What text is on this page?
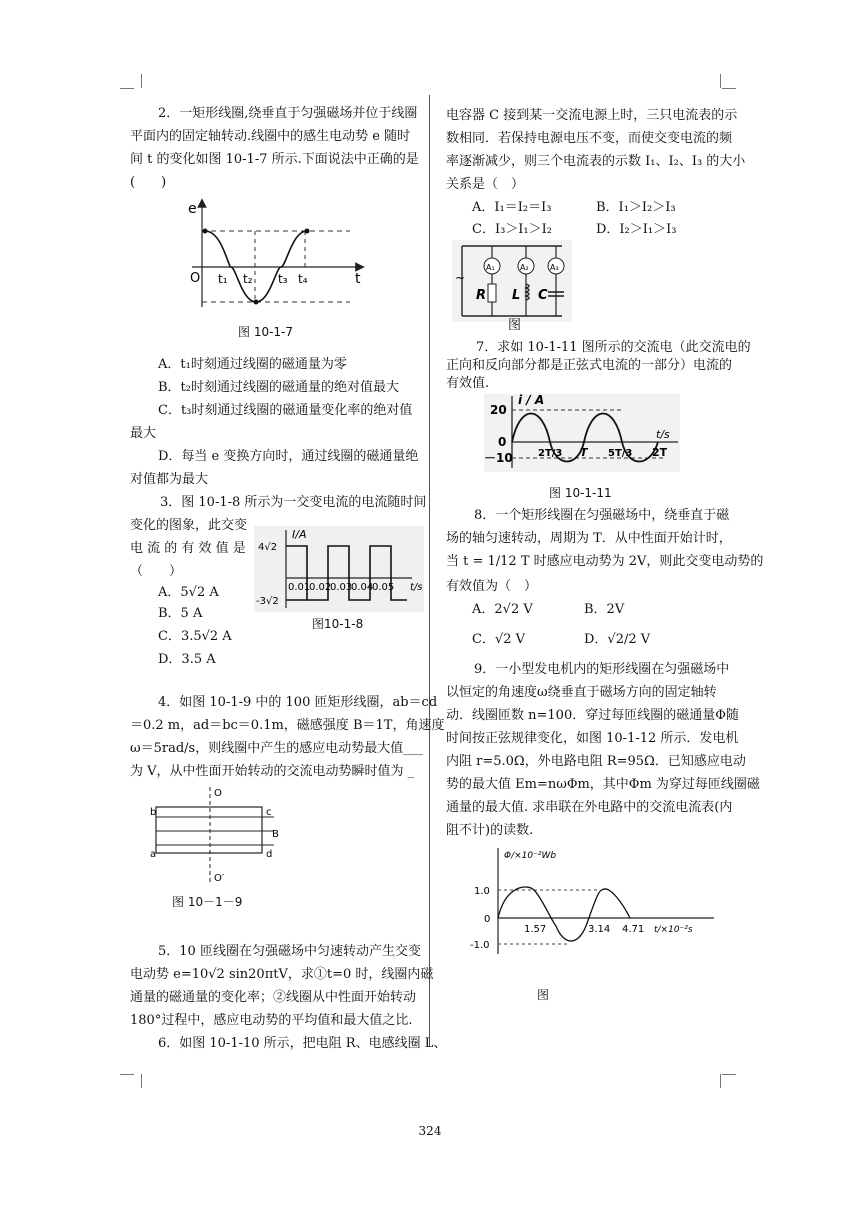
2．一矩形线圈,绕垂直于匀强磁场并位于线圈
平面内的固定轴转动.线圈中的感生电动势 e 随时
间 t 的变化如图 10-1-7 所示.下面说法中正确的是
(　　)
e
t
O t₁ t₂ t₃ t₄
图 10-1-7
A．t₁时刻通过线圈的磁通量为零
B．t₂时刻通过线圈的磁通量的绝对值最大
C．t₃时刻通过线圈的磁通量变化率的绝对值
最大
D．每当 e 变换方向时，通过线圈的磁通量绝
对值都为最大
3．图 10-1-8 所示为一交变电流的电流随时间
变化的图象，此交变
电 流 的 有 效 值 是
（　　）
A．5√2 A
B．5 A
C．3.5√2 A
D．3.5 A
I/A
t/s
4√2
-3√2
0.01
0.02
0.03
0.04
0.05
图10-1-8
4．如图 10-1-9 中的 100 匝矩形线圈，ab＝cd
＝0.2 m，ad＝bc＝0.1m，磁感强度 B＝1T，角速度
ω＝5rad/s，则线圈中产生的感应电动势最大值___
为 V，从中性面开始转动的交流电动势瞬时值为 _
O
b	c
B
a	d
O′
图 10－1－9
5．10 匝线圈在匀强磁场中匀速转动产生交变
电动势 e=10√2 sin20πtV，求①t=0 时，线圈内磁
通量的磁通量的变化率；②线圈从中性面开始转动
180°过程中，感应电动势的平均值和最大值之比.
6．如图 10-1-10 所示，把电阻 R、电感线圈 L、
电容器 C 接到某一交流电源上时，三只电流表的示
数相同．若保持电源电压不变，而使交变电流的频
率逐渐减少，则三个电流表的示数 I₁、I₂、I₃ 的大小
关系是（　）
A．I₁＝I₂＝I₃	B．I₁＞I₂＞I₃
C．I₃＞I₁＞I₂	D．I₂＞I₁＞I₃
A₁	A₂	A₃
R L C
~
图
7．求如 10-1-11 图所示的交流电（此交流电的
正向和反向部分都是正弦式电流的一部分）电流的
有效值.
i / A
t/s
20
0
－10	2T/3 T 5T/3 2T
图 10-1-11
8．一个矩形线圈在匀强磁场中，绕垂直于磁
场的轴匀速转动，周期为 T．从中性面开始计时，
当 t = 1/12 T 时感应电动势为 2V，则此交变电动势的
有效值为（　）
A．2√2 V	B．2V
C．√2 V	D．√2/2 V
9．一小型发电机内的矩形线圈在匀强磁场中
以恒定的角速度ω绕垂直于磁场方向的固定轴转
动．线圈匝数 n=100．穿过每匝线圈的磁通量Φ随
时间按正弦规律变化，如图 10-1-12 所示．发电机
内阻 r=5.0Ω，外电路电阻 R=95Ω．已知感应电动
势的最大值 Em=nωΦm，其中Φm 为穿过每匝线圈磁
通量的最大值. 求串联在外电路中的交流电流表(内
阻不计)的读数.
Φ/×10⁻²Wb
t/×10⁻²s
1.0
0
-1.0
1.57	3.14 4.71
图
324
